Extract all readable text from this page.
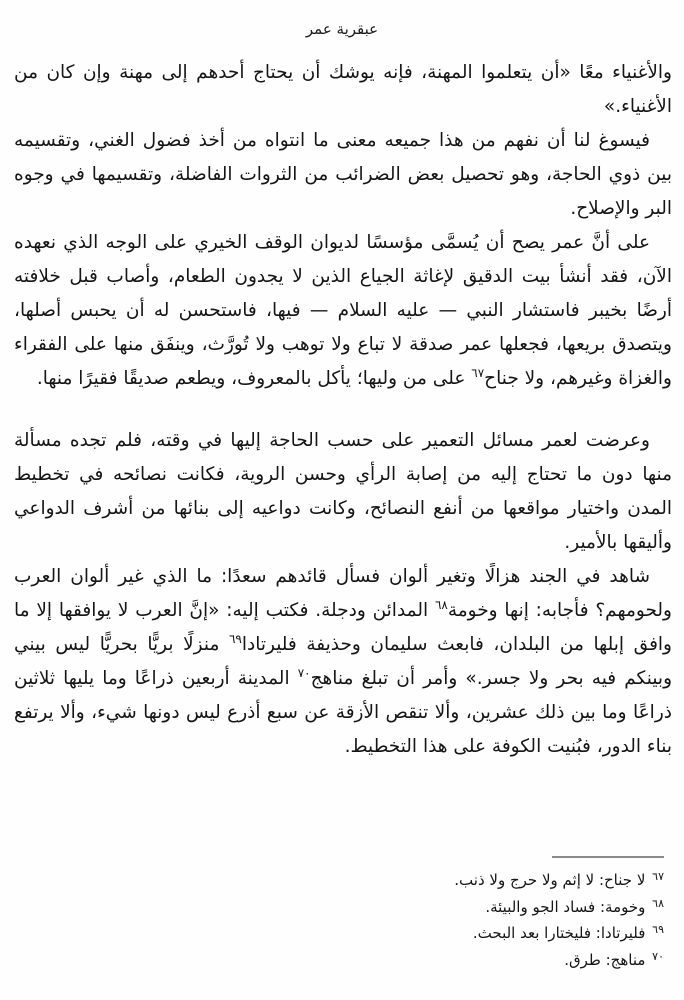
عبقرية عمر

والأغنياء معًا «أن يتعلموا المهنة، فإنه يوشك أن يحتاج أحدهم إلى مهنة وإن كان من الأغنياء.»

فيسوغ لنا أن نفهم من هذا جميعه معنى ما انتواه من أخذ فضول الغني، وتقسيمه بين ذوي الحاجة، وهو تحصيل بعض الضرائب من الثروات الفاضلة، وتقسيمها في وجوه البر والإصلاح.

على أنَّ عمر يصح أن يُسمَّى مؤسسًا لديوان الوقف الخيري على الوجه الذي نعهده الآن، فقد أنشأ بيت الدقيق لإغاثة الجياع الذين لا يجدون الطعام، وأصاب قبل خلافته أرضًا بخيبر فاستشار النبي — عليه السلام — فيها، فاستحسن له أن يحبس أصلها، ويتصدق بريعها، فجعلها عمر صدقة لا تباع ولا توهب ولا تُورَّث، وينفَق منها على الفقراء والغزاة وغيرهم، ولا جناح$^{٦٧}$ على من وليها؛ يأكل بالمعروف، ويطعم صديقًا فقيرًا منها.

وعرضت لعمر مسائل التعمير على حسب الحاجة إليها في وقته، فلم تجده مسألة منها دون ما تحتاج إليه من إصابة الرأي وحسن الروية، فكانت نصائحه في تخطيط المدن واختيار مواقعها من أنفع النصائح، وكانت دواعيه إلى بنائها من أشرف الدواعي وأليقها بالأمير.

شاهد في الجند هزالًا وتغير ألوان فسأل قائدهم سعدًا: ما الذي غير ألوان العرب ولحومهم؟ فأجابه: إنها وخومة$^{٦٨}$ المدائن ودجلة. فكتب إليه: «إنَّ العرب لا يوافقها إلا ما وافق إبلها من البلدان، فابعث سليمان وحذيفة فليرتادا$^{٦٩}$ منزلًا بريًّا بحريًّا ليس بيني وبينكم فيه بحر ولا جسر.» وأمر أن تبلغ مناهج$^{٧٠}$ المدينة أربعين ذراعًا وما يليها ثلاثين ذراعًا وما بين ذلك عشرين، وألا تنقص الأزقة عن سبع أذرع ليس دونها شيء، وألا يرتفع بناء الدور، فبُنيت الكوفة على هذا التخطيط.

$^{٦٧}$ لا جناح: لا إثم ولا حرج ولا ذنب.
$^{٦٨}$ وخومة: فساد الجو والبيئة.
$^{٦٩}$ فليرتادا: فليختارا بعد البحث.
$^{٧٠}$ مناهج: طرق.
